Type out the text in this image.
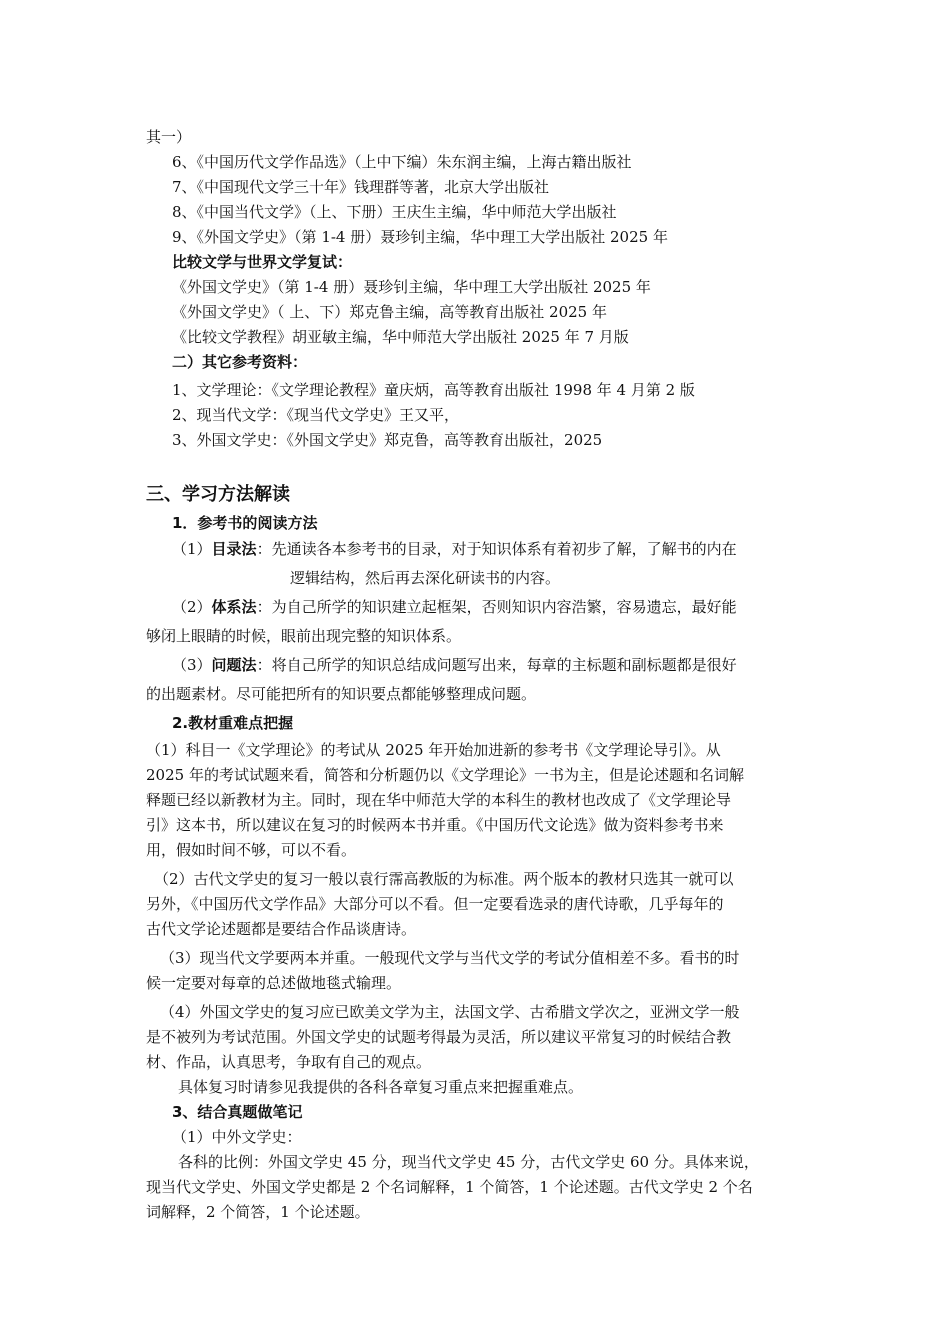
其一）

6、《中国历代文学作品选》（上中下编）朱东润主编，上海古籍出版社

7、《中国现代文学三十年》钱理群等著，北京大学出版社

8、《中国当代文学》（上、下册）王庆生主编，华中师范大学出版社

9、《外国文学史》（第 1-4 册）聂珍钊主编，华中理工大学出版社 2025 年

比较文学与世界文学复试：

《外国文学史》（第 1-4 册）聂珍钊主编，华中理工大学出版社 2025 年

《外国文学史》（ 上、下）郑克鲁主编，高等教育出版社 2025 年

《比较文学教程》胡亚敏主编，华中师范大学出版社 2025 年 7 月版

二）其它参考资料：

1、文学理论：《文学理论教程》童庆炳，高等教育出版社 1998 年 4 月第 2 版

2、现当代文学：《现当代文学史》王又平，

3、外国文学史：《外国文学史》郑克鲁，高等教育出版社，2025

三、学习方法解读

1．参考书的阅读方法

（1）目录法：先通读各本参考书的目录，对于知识体系有着初步了解，了解书的内在

逻辑结构，然后再去深化研读书的内容。

（2）体系法：为自己所学的知识建立起框架，否则知识内容浩繁，容易遗忘，最好能

够闭上眼睛的时候，眼前出现完整的知识体系。

（3）问题法：将自己所学的知识总结成问题写出来，每章的主标题和副标题都是很好

的出题素材。尽可能把所有的知识要点都能够整理成问题。

2.教材重难点把握

（1）科目一《文学理论》的考试从 2025 年开始加进新的参考书《文学理论导引》。从

2025 年的考试试题来看，简答和分析题仍以《文学理论》一书为主，但是论述题和名词解

释题已经以新教材为主。同时，现在华中师范大学的本科生的教材也改成了《文学理论导

引》这本书，所以建议在复习的时候两本书并重。《中国历代文论选》做为资料参考书来

用，假如时间不够，可以不看。

（2）古代文学史的复习一般以袁行霈高教版的为标准。两个版本的教材只选其一就可以

另外，《中国历代文学作品》大部分可以不看。但一定要看选录的唐代诗歌，几乎每年的

古代文学论述题都是要结合作品谈唐诗。

（3）现当代文学要两本并重。一般现代文学与当代文学的考试分值相差不多。看书的时

候一定要对每章的总述做地毯式输理。

（4）外国文学史的复习应已欧美文学为主，法国文学、古希腊文学次之，亚洲文学一般

是不被列为考试范围。外国文学史的试题考得最为灵活，所以建议平常复习的时候结合教

材、作品，认真思考，争取有自己的观点。

具体复习时请参见我提供的各科各章复习重点来把握重难点。

3、结合真题做笔记

（1）中外文学史：

各科的比例：外国文学史 45 分，现当代文学史 45 分，古代文学史 60 分。具体来说，

现当代文学史、外国文学史都是 2 个名词解释，1 个简答，1 个论述题。古代文学史 2 个名

词解释，2 个简答，1 个论述题。
